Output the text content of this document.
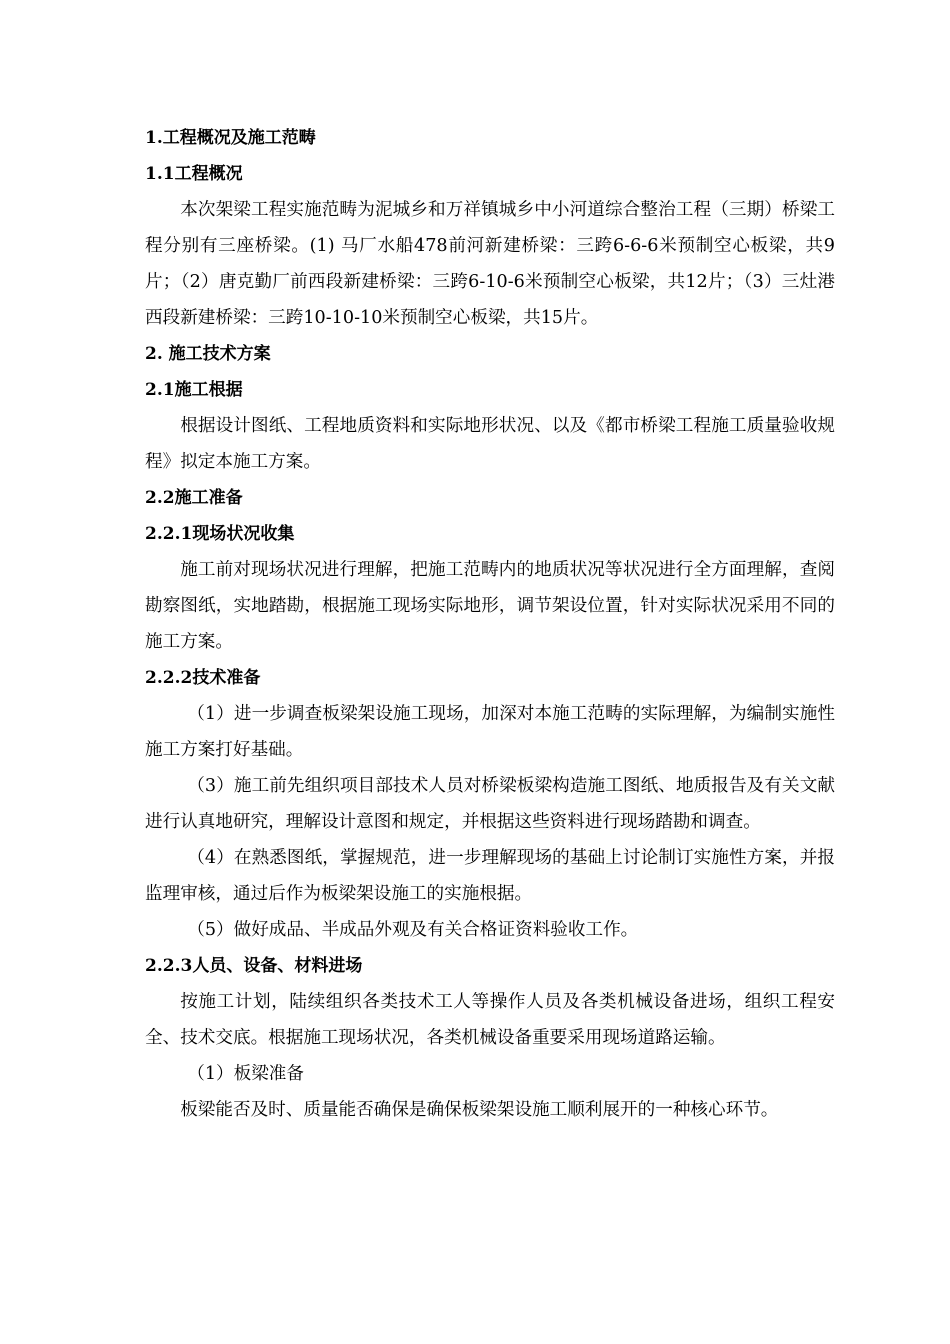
1.工程概况及施工范畴
1.1工程概况
本次架梁工程实施范畴为泥城乡和万祥镇城乡中小河道综合整治工程（三期）桥梁工程分别有三座桥梁。(1) 马厂水船478前河新建桥梁：三跨6-6-6米预制空心板梁，共9片；（2）唐克勤厂前西段新建桥梁：三跨6-10-6米预制空心板梁，共12片；（3）三灶港西段新建桥梁：三跨10-10-10米预制空心板梁，共15片。
2. 施工技术方案
2.1施工根据
根据设计图纸、工程地质资料和实际地形状况、以及《都市桥梁工程施工质量验收规程》拟定本施工方案。
2.2施工准备
2.2.1现场状况收集
施工前对现场状况进行理解，把施工范畴内的地质状况等状况进行全方面理解，查阅勘察图纸，实地踏勘，根据施工现场实际地形，调节架设位置，针对实际状况采用不同的施工方案。
2.2.2技术准备
（1）进一步调查板梁架设施工现场，加深对本施工范畴的实际理解，为编制实施性施工方案打好基础。
（3）施工前先组织项目部技术人员对桥梁板梁构造施工图纸、地质报告及有关文献进行认真地研究，理解设计意图和规定，并根据这些资料进行现场踏勘和调查。
（4）在熟悉图纸，掌握规范，进一步理解现场的基础上讨论制订实施性方案，并报监理审核，通过后作为板梁架设施工的实施根据。
（5）做好成品、半成品外观及有关合格证资料验收工作。
2.2.3人员、设备、材料进场
按施工计划，陆续组织各类技术工人等操作人员及各类机械设备进场，组织工程安全、技术交底。根据施工现场状况，各类机械设备重要采用现场道路运输。
（1）板梁准备
板梁能否及时、质量能否确保是确保板梁架设施工顺利展开的一种核心环节。
